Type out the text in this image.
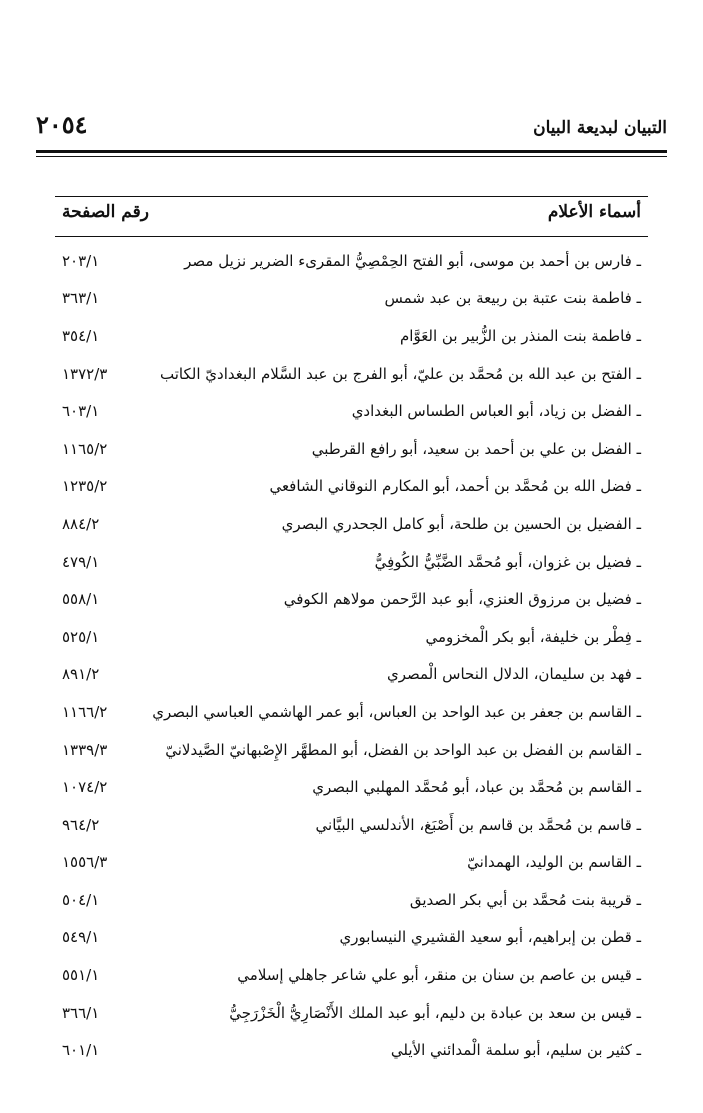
٢٠٥٤	التبيان لبديعة البيان
أسماء الأعلام
رقم الصفحة
ـ فارس بن أحمد بن موسى، أبو الفتح الحِمْصِيُّ المقرىء الضرير نزيل مصر
٢٠٣/١
ـ فاطمة بنت عتبة بن ربيعة بن عبد شمس
٣٦٣/١
ـ فاطمة بنت المنذر بن الزُّبير بن العَوَّام
٣٥٤/١
ـ الفتح بن عبد الله بن مُحمَّد بن عليّ، أبو الفرج بن عبد السَّلام البغداديّ الكاتب
١٣٧٢/٣
ـ الفضل بن زياد، أبو العباس الطساس البغدادي
٦٠٣/١
ـ الفضل بن علي بن أحمد بن سعيد، أبو رافع القرطبي
١١٦٥/٢
ـ فضل الله بن مُحمَّد بن أحمد، أبو المكارم النوقاني الشافعي
١٢٣٥/٢
ـ الفضيل بن الحسين بن طلحة، أبو كامل الجحدري البصري
٨٨٤/٢
ـ فضيل بن غزوان، أبو مُحمَّد الضَّبِّيُّ الكُوفِيُّ
٤٧٩/١
ـ فضيل بن مرزوق العنزي، أبو عبد الرَّحمن مولاهم الكوفي
٥٥٨/١
ـ فِطْر بن خليفة، أبو بكر الْمخزومي
٥٢٥/١
ـ فهد بن سليمان، الدلال النحاس الْمصري
٨٩١/٢
ـ القاسم بن جعفر بن عبد الواحد بن العباس، أبو عمر الهاشمي العباسي البصري
١١٦٦/٢
ـ القاسم بن الفضل بن عبد الواحد بن الفضل، أبو المطهَّر الإِصْبهانيّ الصَّيدلانيّ
١٣٣٩/٣
ـ القاسم بن مُحمَّد بن عباد، أبو مُحمَّد المهلبي البصري
١٠٧٤/٢
ـ قاسم بن مُحمَّد بن قاسم بن أَصْبَغ، الأندلسي البيَّاني
٩٦٤/٢
ـ القاسم بن الوليد، الهمدانيّ
١٥٥٦/٣
ـ قريبة بنت مُحمَّد بن أبي بكر الصديق
٥٠٤/١
ـ قطن بن إبراهيم، أبو سعيد القشيري النيسابوري
٥٤٩/١
ـ قيس بن عاصم بن سنان بن منقر، أبو علي شاعر جاهلي إسلامي
٥٥١/١
ـ قيس بن سعد بن عبادة بن دليم، أبو عبد الملك الأَنْصَارِيُّ الْخَزْرَجِيُّ
٣٦٦/١
ـ كثير بن سليم، أبو سلمة الْمدائني الأيلي
٦٠١/١
